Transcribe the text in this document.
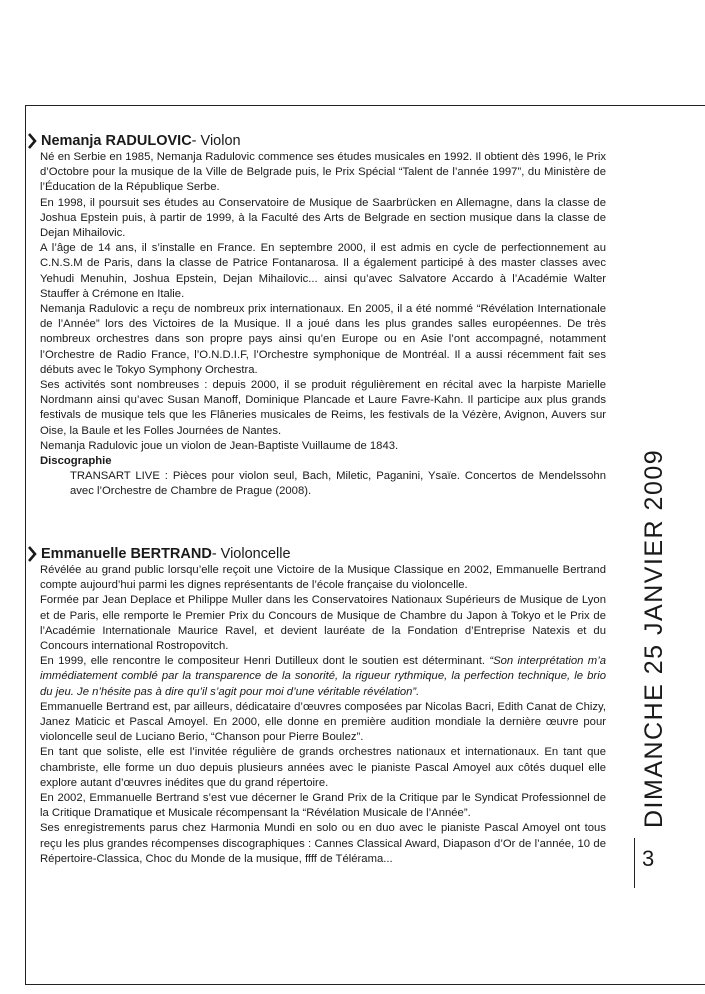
Nemanja RADULOVIC - Violon

Né en Serbie en 1985, Nemanja Radulovic commence ses études musicales en 1992. Il obtient dès 1996, le Prix d’Octobre pour la musique de la Ville de Belgrade puis, le Prix Spécial “Talent de l’année 1997”, du Ministère de l’Éducation de la République Serbe.

En 1998, il poursuit ses études au Conservatoire de Musique de Saarbrücken en Allemagne, dans la classe de Joshua Epstein puis, à partir de 1999, à la Faculté des Arts de Belgrade en section musique dans la classe de Dejan Mihailovic.

A l’âge de 14 ans, il s’installe en France. En septembre 2000, il est admis en cycle de perfectionnement au C.N.S.M de Paris, dans la classe de Patrice Fontanarosa. Il a également participé à des master classes avec Yehudi Menuhin, Joshua Epstein, Dejan Mihailovic... ainsi qu’avec Salvatore Accardo à l’Académie Walter Stauffer à Crémone en Italie.

Nemanja Radulovic a reçu de nombreux prix internationaux. En 2005, il a été nommé “Révélation Internationale de l’Année” lors des Victoires de la Musique. Il a joué dans les plus grandes salles européennes. De très nombreux orchestres dans son propre pays ainsi qu’en Europe ou en Asie l’ont accompagné, notamment l’Orchestre de Radio France, l’O.N.D.I.F, l’Orchestre symphonique de Montréal. Il a aussi récemment fait ses débuts avec le Tokyo Symphony Orchestra.

Ses activités sont nombreuses : depuis 2000, il se produit régulièrement en récital avec la harpiste Marielle Nordmann ainsi qu’avec Susan Manoff, Dominique Plancade et Laure Favre-Kahn. Il participe aux plus grands festivals de musique tels que les Flâneries musicales de Reims, les festivals de la Vézère, Avignon, Auvers sur Oise, la Baule et les Folles Journées de Nantes.

Nemanja Radulovic joue un violon de Jean-Baptiste Vuillaume de 1843.

Discographie

TRANSART LIVE : Pièces pour violon seul, Bach, Miletic, Paganini, Ysaïe. Concertos de Mendelssohn avec l’Orchestre de Chambre de Prague (2008).

Emmanuelle BERTRAND - Violoncelle

Révélée au grand public lorsqu’elle reçoit une Victoire de la Musique Classique en 2002, Emmanuelle Bertrand compte aujourd’hui parmi les dignes représentants de l’école française du violoncelle.

Formée par Jean Deplace et Philippe Muller dans les Conservatoires Nationaux Supérieurs de Musique de Lyon et de Paris, elle remporte le Premier Prix du Concours de Musique de Chambre du Japon à Tokyo et le Prix de l’Académie Internationale Maurice Ravel, et devient lauréate de la Fondation d’Entreprise Natexis et du Concours international Rostropovitch.

En 1999, elle rencontre le compositeur Henri Dutilleux dont le soutien est déterminant. “Son interprétation m’a immédiatement comblé par la transparence de la sonorité, la rigueur rythmique, la perfection technique, le brio du jeu. Je n’hésite pas à dire qu’il s’agit pour moi d’une véritable révélation”.

Emmanuelle Bertrand est, par ailleurs, dédicataire d’œuvres composées par Nicolas Bacri, Edith Canat de Chizy, Janez Maticic et Pascal Amoyel. En 2000, elle donne en première audition mondiale la dernière œuvre pour violoncelle seul de Luciano Berio, “Chanson pour Pierre Boulez”.

En tant que soliste, elle est l’invitée régulière de grands orchestres nationaux et internationaux. En tant que chambriste, elle forme un duo depuis plusieurs années avec le pianiste Pascal Amoyel aux côtés duquel elle explore autant d’œuvres inédites que du grand répertoire.

En 2002, Emmanuelle Bertrand s’est vue décerner le Grand Prix de la Critique par le Syndicat Professionnel de la Critique Dramatique et Musicale récompensant la “Révélation Musicale de l’Année”.

Ses enregistrements parus chez Harmonia Mundi en solo ou en duo avec le pianiste Pascal Amoyel ont tous reçu les plus grandes récompenses discographiques : Cannes Classical Award, Diapason d’Or de l’année, 10 de Répertoire-Classica, Choc du Monde de la musique, ffff de Télérama...

DIMANCHE 25 JANVIER 2009
3
